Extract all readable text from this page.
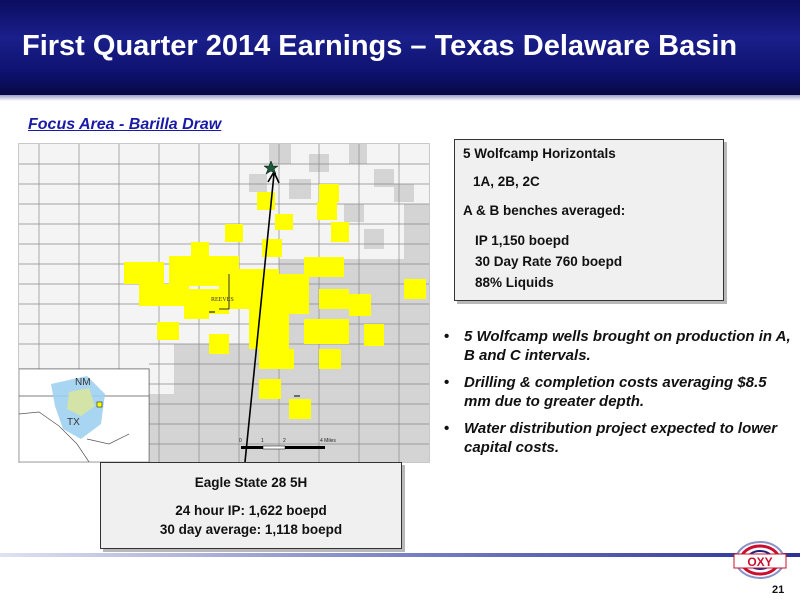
First Quarter 2014 Earnings – Texas Delaware Basin
Focus Area - Barilla Draw
REEVES
NM
TX
0	1	2	4 Miles
5 Wolfcamp Horizontals
1A, 2B, 2C
A & B benches averaged:
IP 1,150 boepd
30 Day Rate 760 boepd
88% Liquids
• 5 Wolfcamp wells brought on production in A, B and C intervals.
• Drilling & completion costs averaging $8.5 mm due to greater depth.
• Water distribution project expected to lower capital costs.
Eagle State 28 5H
24 hour IP: 1,622 boepd
30 day average: 1,118 boepd
OXY
21
